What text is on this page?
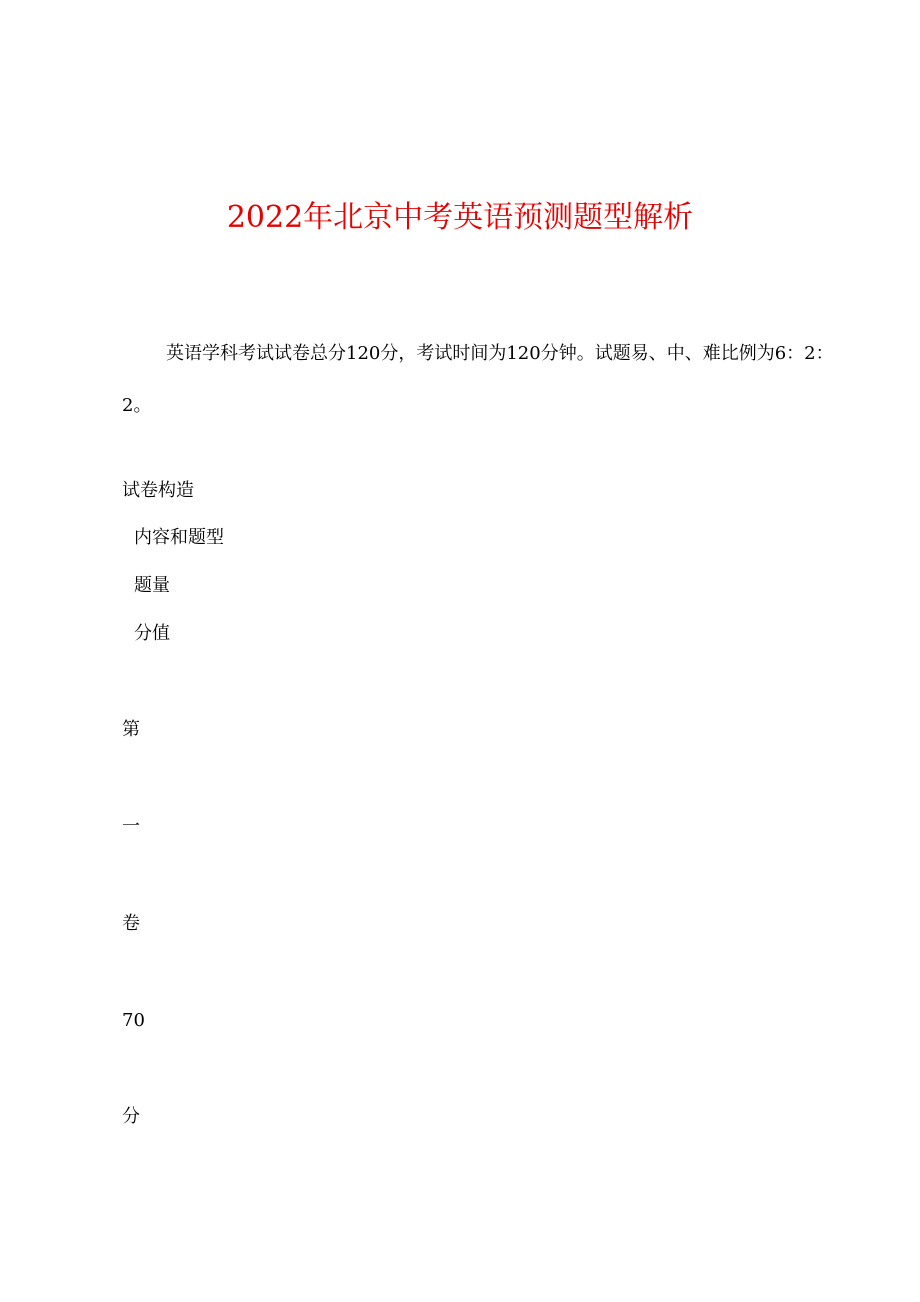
2022年北京中考英语预测题型解析
英语学科考试试卷总分120分，考试时间为120分钟。试题易、中、难比例为6：2：2。
试卷构造
内容和题型
题量
分值
第
一
卷
70
分
